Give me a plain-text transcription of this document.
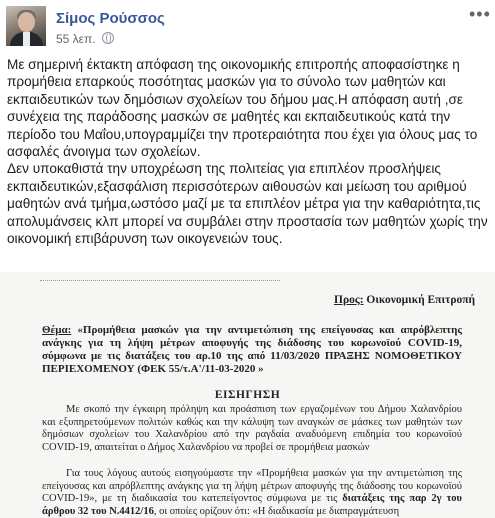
Σίμος Ρούσσος
55 λεπ.
•••

Με σημερινή έκτακτη απόφαση της οικονομικής επιτροπής αποφασίστηκε η προμήθεια επαρκούς ποσότητας μασκών για το σύνολο των μαθητών και εκπαιδευτικών των δημόσιων σχολείων του δήμου μας.Η απόφαση αυτή ,σε συνέχεια της παράδοσης μασκών σε μαθητές και εκπαιδευτικούς κατά την περίοδο του Μαΐου,υπογραμμίζει την προτεραιότητα που έχει για όλους μας το ασφαλές άνοιγμα των σχολείων.

Δεν υποκαθιστά την υποχρέωση της πολιτείας για επιπλέον προσλήψεις εκπαιδευτικών,εξασφάλιση περισσότερων αιθουσών και μείωση του αριθμού μαθητών ανά τμήμα,ωστόσο μαζί με τα επιπλέον μέτρα για την καθαριότητα,τις απολυμάνσεις κλπ μπορεί να συμβάλει στην προστασία των μαθητών χωρίς την οικονομική επιβάρυνση των οικογενειών τους.

Προς: Οικονομική Επιτροπή
Θέμα: «Προμήθεια μασκών για την αντιμετώπιση της επείγουσας και απρόβλεπτης ανάγκης για τη λήψη μέτρων αποφυγής της διάδοσης του κορωνοϊού COVID-19, σύμφωνα με τις διατάξεις του αρ.10 της από 11/03/2020 ΠΡΑΞΗΣ ΝΟΜΟΘΕΤΙΚΟΥ ΠΕΡΙΕΧΟΜΕΝΟΥ (ΦΕΚ 55/τ.Α'/11-03-2020 »
ΕΙΣΗΓΗΣΗ
Με σκοπό την έγκαιρη πρόληψη και προάσπιση των εργαζομένων του Δήμου Χαλανδρίου και εξυπηρετούμενων πολιτών καθώς και την κάλυψη των αναγκών σε μάσκες των μαθητών των δημόσιων σχολείων του Χαλανδρίου από την ραγδαία αναδυόμενη επιδημία του κορωνοϊού COVID-19, απαιτείται ο Δήμος Χαλανδρίου να προβεί σε προμήθεια μασκών
Για τους λόγους αυτούς εισηγούμαστε την «Προμήθεια μασκών για την αντιμετώπιση της επείγουσας και απρόβλεπτης ανάγκης για τη λήψη μέτρων αποφυγής της διάδοσης του κορωνοϊού COVID-19», με τη διαδικασία του κατεπείγοντος σύμφωνα με τις διατάξεις της παρ 2γ του άρθρου 32 του Ν.4412/16, οι οποίες ορίζουν ότι: «Η διαδικασία με διαπραγμάτευση
